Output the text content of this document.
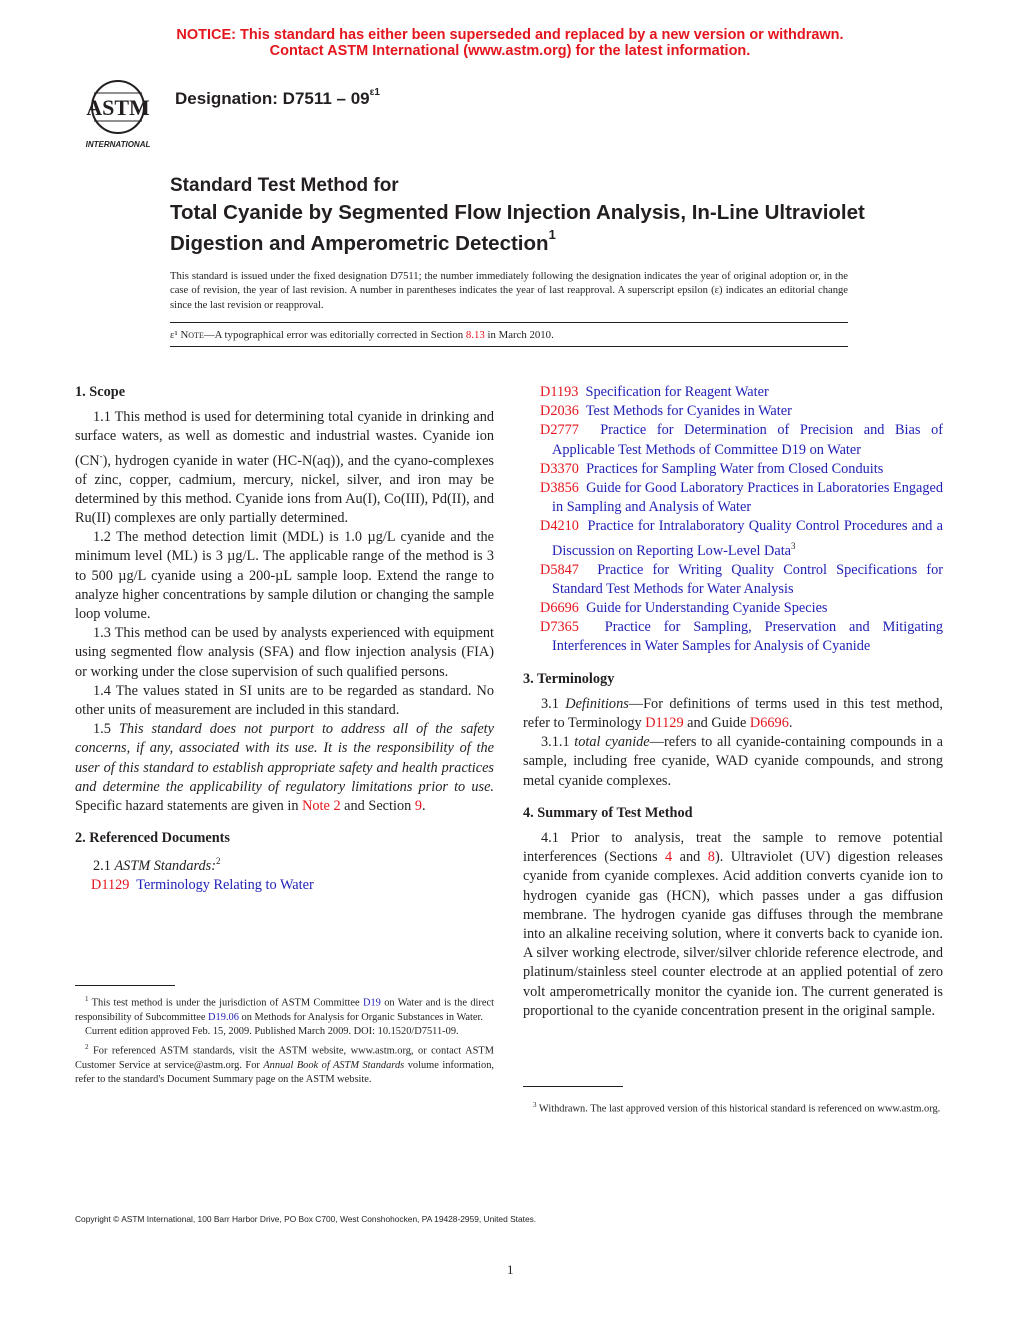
NOTICE: This standard has either been superseded and replaced by a new version or withdrawn.
Contact ASTM International (www.astm.org) for the latest information.
ASTM
INTERNATIONAL
Designation: $D7511 - 09^{\varepsilon 1}$
Standard Test Method for
Total Cyanide by Segmented Flow Injection Analysis, In-Line Ultraviolet Digestion and Amperometric Detection$^1$
This standard is issued under the fixed designation D7511; the number immediately following the designation indicates the year of original adoption or, in the case of revision, the year of last revision. A number in parentheses indicates the year of last reapproval. A superscript epsilon (ε) indicates an editorial change since the last revision or reapproval.
ε¹ Note—A typographical error was editorially corrected in Section 8.13 in March 2010.

1. Scope

1.1 This method is used for determining total cyanide in drinking and surface waters, as well as domestic and industrial wastes. Cyanide ion (CN-), hydrogen cyanide in water (HC-N(aq)), and the cyano-complexes of zinc, copper, cadmium, mercury, nickel, silver, and iron may be determined by this method. Cyanide ions from Au(I), Co(III), Pd(II), and Ru(II) complexes are only partially determined.

1.2 The method detection limit (MDL) is 1.0 µg/L cyanide and the minimum level (ML) is 3 µg/L. The applicable range of the method is 3 to 500 µg/L cyanide using a 200-µL sample loop. Extend the range to analyze higher concentrations by sample dilution or changing the sample loop volume.

1.3 This method can be used by analysts experienced with equipment using segmented flow analysis (SFA) and flow injection analysis (FIA) or working under the close supervision of such qualified persons.

1.4 The values stated in SI units are to be regarded as standard. No other units of measurement are included in this standard.

1.5 This standard does not purport to address all of the safety concerns, if any, associated with its use. It is the responsibility of the user of this standard to establish appropriate safety and health practices and determine the applicability of regulatory limitations prior to use. Specific hazard statements are given in Note 2 and Section 9.

2. Referenced Documents

2.1 ASTM Standards:$^2$

D1129 Terminology Relating to Water

$^1$ This test method is under the jurisdiction of ASTM Committee D19 on Water and is the direct responsibility of Subcommittee D19.06 on Methods for Analysis for Organic Substances in Water.

Current edition approved Feb. 15, 2009. Published March 2009. DOI: 10.1520/D7511-09.

$^2$ For referenced ASTM standards, visit the ASTM website, www.astm.org, or contact ASTM Customer Service at service@astm.org. For Annual Book of ASTM Standards volume information, refer to the standard's Document Summary page on the ASTM website.

D1193 Specification for Reagent Water

D2036 Test Methods for Cyanides in Water

D2777 Practice for Determination of Precision and Bias of Applicable Test Methods of Committee D19 on Water

D3370 Practices for Sampling Water from Closed Conduits

D3856 Guide for Good Laboratory Practices in Laboratories Engaged in Sampling and Analysis of Water

D4210 Practice for Intralaboratory Quality Control Procedures and a Discussion on Reporting Low-Level Data$^3$

D5847 Practice for Writing Quality Control Specifications for Standard Test Methods for Water Analysis

D6696 Guide for Understanding Cyanide Species

D7365 Practice for Sampling, Preservation and Mitigating Interferences in Water Samples for Analysis of Cyanide

3. Terminology

3.1 Definitions—For definitions of terms used in this test method, refer to Terminology D1129 and Guide D6696.

3.1.1 total cyanide—refers to all cyanide-containing compounds in a sample, including free cyanide, WAD cyanide compounds, and strong metal cyanide complexes.

4. Summary of Test Method

4.1 Prior to analysis, treat the sample to remove potential interferences (Sections 4 and 8). Ultraviolet (UV) digestion releases cyanide from cyanide complexes. Acid addition converts cyanide ion to hydrogen cyanide gas (HCN), which passes under a gas diffusion membrane. The hydrogen cyanide gas diffuses through the membrane into an alkaline receiving solution, where it converts back to cyanide ion. A silver working electrode, silver/silver chloride reference electrode, and platinum/stainless steel counter electrode at an applied potential of zero volt amperometrically monitor the cyanide ion. The current generated is proportional to the cyanide concentration present in the original sample.

$^3$ Withdrawn. The last approved version of this historical standard is referenced on www.astm.org.

Copyright © ASTM International, 100 Barr Harbor Drive, PO Box C700, West Conshohocken, PA 19428-2959, United States.
1
